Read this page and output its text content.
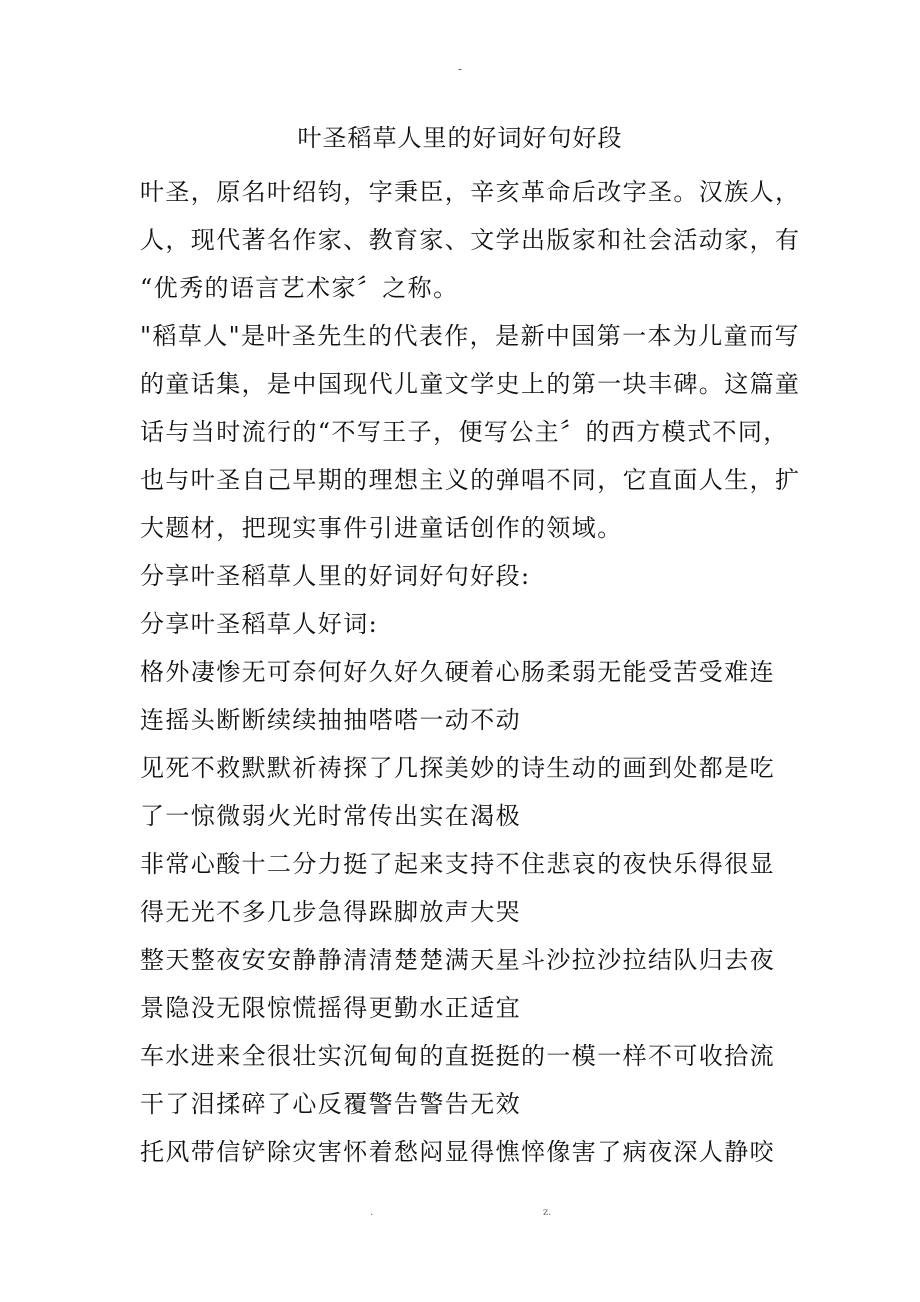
-
叶圣稻草人里的好词好句好段
叶圣，原名叶绍钧，字秉臣，辛亥革命后改字圣。汉族人，
人，现代著名作家、教育家、文学出版家和社会活动家，有
“优秀的语言艺术家〞之称。
"稻草人"是叶圣先生的代表作，是新中国第一本为儿童而写
的童话集，是中国现代儿童文学史上的第一块丰碑。这篇童
话与当时流行的“不写王子，便写公主〞的西方模式不同，
也与叶圣自己早期的理想主义的弹唱不同，它直面人生，扩
大题材，把现实事件引进童话创作的领域。
分享叶圣稻草人里的好词好句好段:
分享叶圣稻草人好词:
格外凄惨无可奈何好久好久硬着心肠柔弱无能受苦受难连
连摇头断断续续抽抽嗒嗒一动不动
见死不救默默祈祷探了几探美妙的诗生动的画到处都是吃
了一惊微弱火光时常传出实在渴极
非常心酸十二分力挺了起来支持不住悲哀的夜快乐得很显
得无光不多几步急得跺脚放声大哭
整天整夜安安静静清清楚楚满天星斗沙拉沙拉结队归去夜
景隐没无限惊慌摇得更勤水正适宜
车水进来全很壮实沉甸甸的直挺挺的一模一样不可收拾流
干了泪揉碎了心反覆警告警告无效
托风带信铲除灾害怀着愁闷显得憔悴像害了病夜深人静咬
.	z.
